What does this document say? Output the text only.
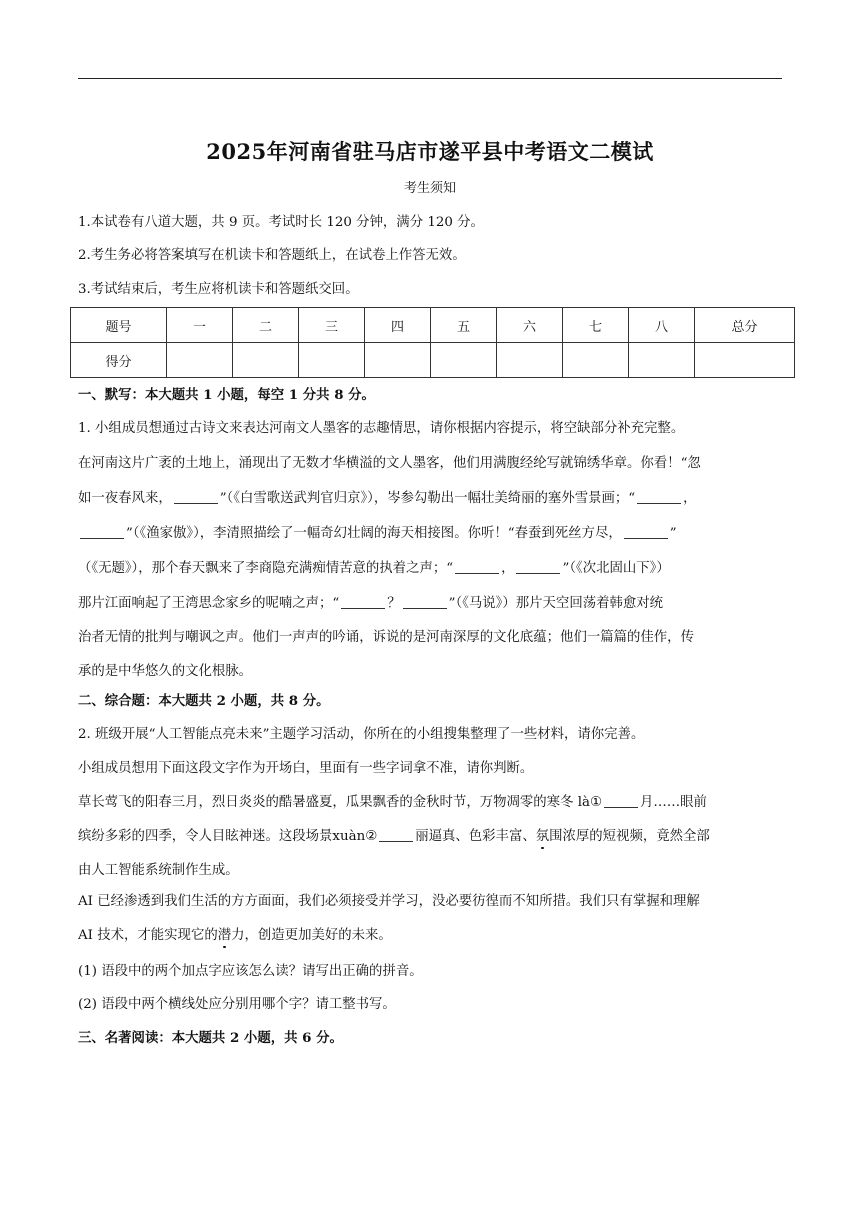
2025年河南省驻马店市遂平县中考语文二模试
考生须知
1.本试卷有八道大题，共 9 页。考试时长 120 分钟，满分 120 分。
2.考生务必将答案填写在机读卡和答题纸上，在试卷上作答无效。
3.考试结束后，考生应将机读卡和答题纸交回。
题号	一	二	三	四	五	六	七	八	总分
得分									
一、默写：本大题共 1 小题，每空 1 分共 8 分。
1. 小组成员想通过古诗文来表达河南文人墨客的志趣情思，请你根据内容提示，将空缺部分补充完整。
在河南这片广袤的土地上，涌现出了无数才华横溢的文人墨客，他们用满腹经纶写就锦绣华章。你看！“忽
如一夜春风来，	”（《白雪歌送武判官归京》），岑参勾勒出一幅壮美绮丽的塞外雪景画；“	，
”（《渔家傲》），李清照描绘了一幅奇幻壮阔的海天相接图。你听！“春蚕到死丝方尽，	”
（《无题》），那个春天飘来了李商隐充满痴情苦意的执着之声；“	，	”（《次北固山下》）
那片江面响起了王湾思念家乡的呢喃之声；“	？	”（《马说》）那片天空回荡着韩愈对统
治者无情的批判与嘲讽之声。他们一声声的吟诵，诉说的是河南深厚的文化底蕴；他们一篇篇的佳作，传
承的是中华悠久的文化根脉。
二、综合题：本大题共 2 小题，共 8 分。
2. 班级开展“人工智能点亮未来”主题学习活动，你所在的小组搜集整理了一些材料，请你完善。
小组成员想用下面这段文字作为开场白，里面有一些字词拿不准，请你判断。
草长莺飞的阳春三月，烈日炎炎的酷暑盛夏，瓜果飘香的金秋时节，万物凋零的寒冬 là①	月……眼前
缤纷多彩的四季，令人目眩神迷。这段场景xuàn②	丽逼真、色彩丰富、氛围浓厚的短视频，竟然全部
由人工智能系统制作生成。
AI 已经渗透到我们生活的方方面面，我们必须接受并学习，没必要彷徨而不知所措。我们只有掌握和理解
AI 技术，才能实现它的潜力，创造更加美好的未来。
(1) 语段中的两个加点字应该怎么读？请写出正确的拼音。
(2) 语段中两个横线处应分别用哪个字？请工整书写。
三、名著阅读：本大题共 2 小题，共 6 分。
